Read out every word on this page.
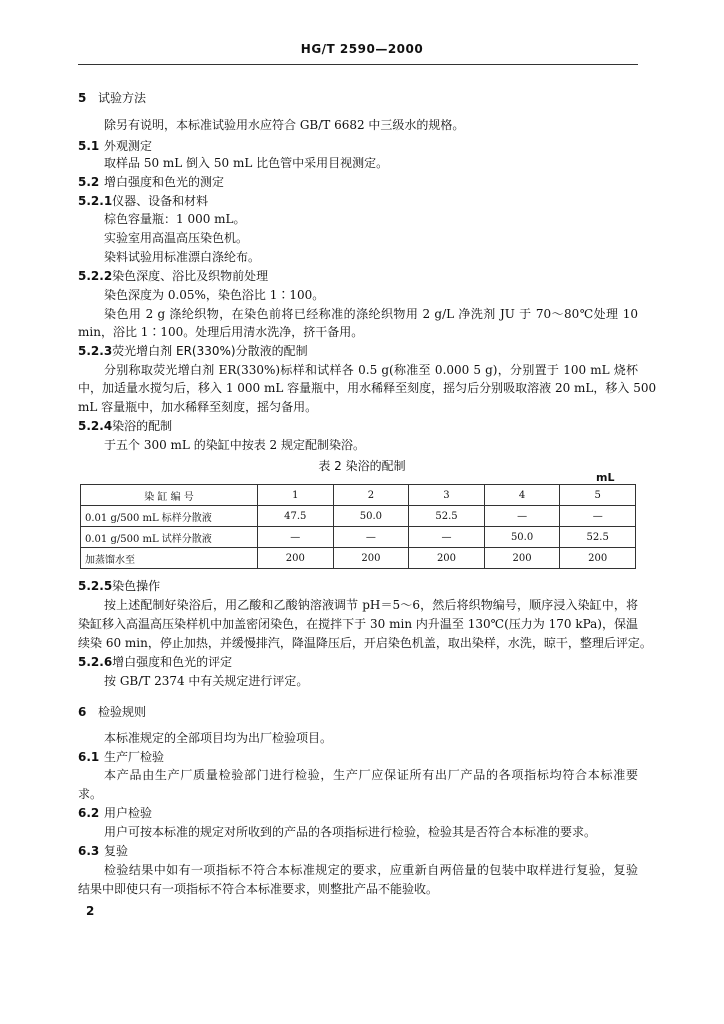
HG/T 2590—2000
5 试验方法
除另有说明，本标准试验用水应符合 GB/T 6682 中三级水的规格。
5.1 外观测定
取样品 50 mL 倒入 50 mL 比色管中采用目视测定。
5.2 增白强度和色光的测定
5.2.1仪器、设备和材料
棕色容量瓶：1 000 mL。
实验室用高温高压染色机。
染料试验用标准漂白涤纶布。
5.2.2染色深度、浴比及织物前处理
染色深度为 0.05%，染色浴比 1∶100。
染色用 2 g 涤纶织物，在染色前将已经称准的涤纶织物用 2 g/L 净洗剂 JU 于 70～80℃处理 10
min，浴比 1∶100。处理后用清水洗净，挤干备用。
5.2.3荧光增白剂 ER(330%)分散液的配制
分别称取荧光增白剂 ER(330%)标样和试样各 0.5 g(称准至 0.000 5 g)，分别置于 100 mL 烧杯
中，加适量水搅匀后，移入 1 000 mL 容量瓶中，用水稀释至刻度，摇匀后分别吸取溶液 20 mL，移入 500
mL 容量瓶中，加水稀释至刻度，摇匀备用。
5.2.4染浴的配制
于五个 300 mL 的染缸中按表 2 规定配制染浴。
表 2 染浴的配制
mL
染 缸 编 号	1	2	3	4	5
0.01 g/500 mL 标样分散液	47.5	50.0	52.5	—	—
0.01 g/500 mL 试样分散液	—	—	—	50.0	52.5
加蒸馏水至	200	200	200	200	200
5.2.5染色操作
按上述配制好染浴后，用乙酸和乙酸钠溶液调节 pH＝5～6，然后将织物编号，顺序浸入染缸中，将
染缸移入高温高压染样机中加盖密闭染色，在搅拌下于 30 min 内升温至 130℃(压力为 170 kPa)，保温
续染 60 min，停止加热，并缓慢排汽，降温降压后，开启染色机盖，取出染样，水洗，晾干，整理后评定。
5.2.6增白强度和色光的评定
按 GB/T 2374 中有关规定进行评定。
6 检验规则
本标准规定的全部项目均为出厂检验项目。
6.1 生产厂检验
本产品由生产厂质量检验部门进行检验，生产厂应保证所有出厂产品的各项指标均符合本标准要
求。
6.2 用户检验
用户可按本标准的规定对所收到的产品的各项指标进行检验，检验其是否符合本标准的要求。
6.3 复验
检验结果中如有一项指标不符合本标准规定的要求，应重新自两倍量的包装中取样进行复验，复验
结果中即使只有一项指标不符合本标准要求，则整批产品不能验收。
2
